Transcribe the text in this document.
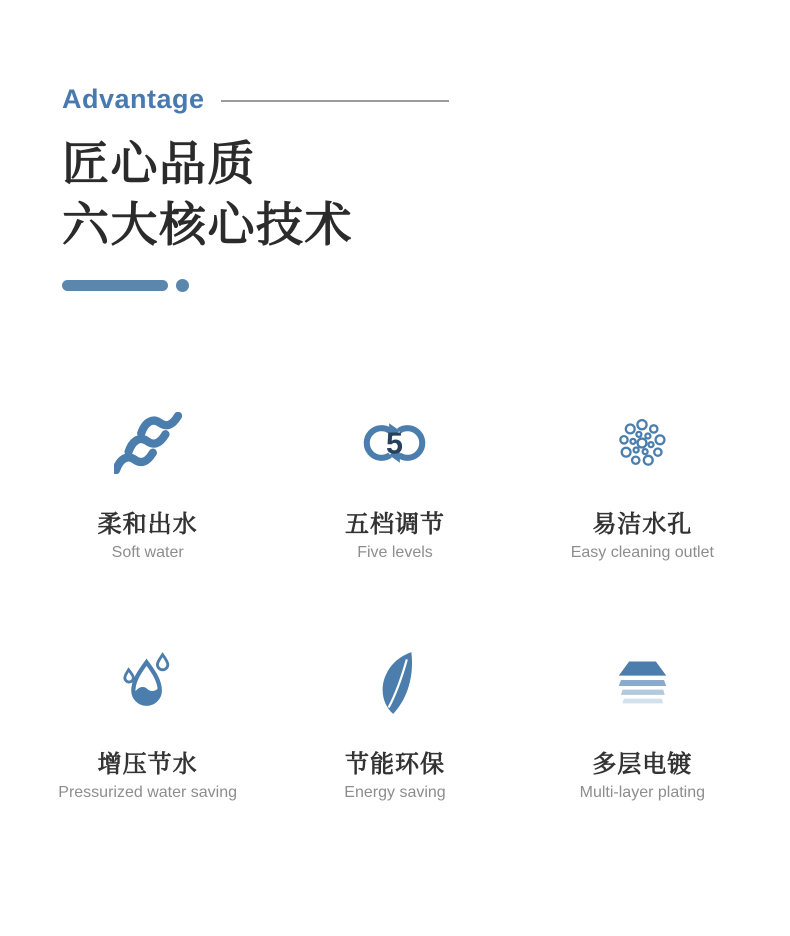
Advantage
匠心品质
六大核心技术
柔和出水
Soft water
5
五档调节
Five levels
易洁水孔
Easy cleaning outlet
增压节水
Pressurized water saving
节能环保
Energy saving
多层电镀
Multi-layer plating
